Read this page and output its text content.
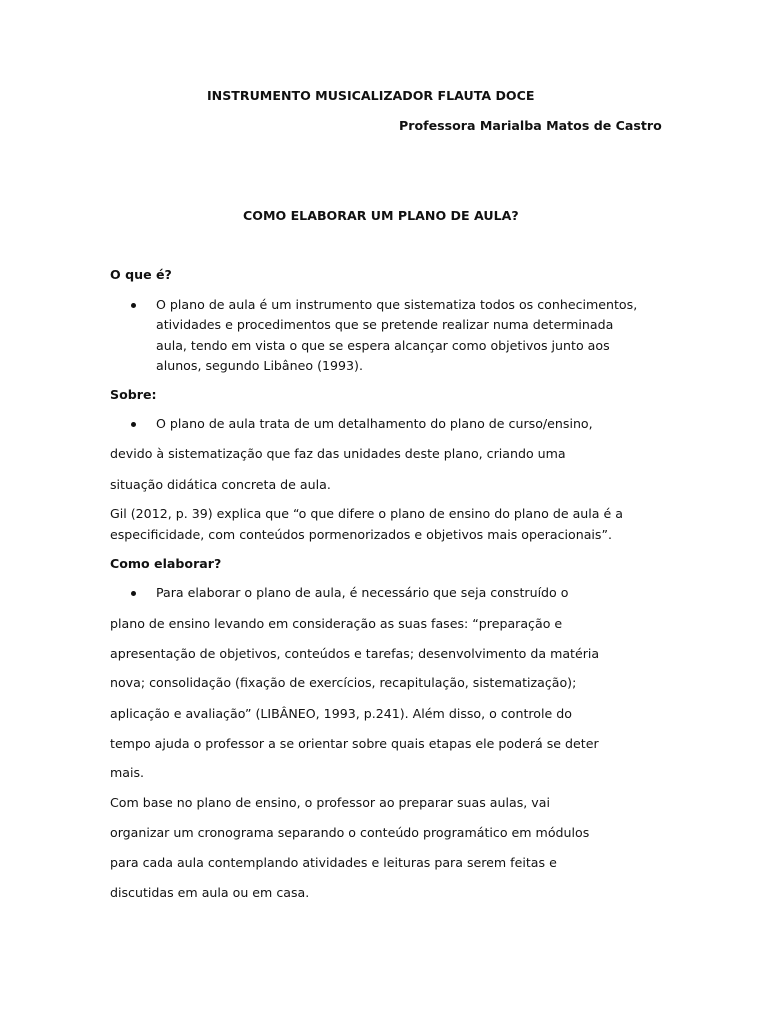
INSTRUMENTO MUSICALIZADOR FLAUTA DOCE
Professora Marialba Matos de Castro
COMO ELABORAR UM PLANO DE AULA?
O que é?
O plano de aula é um instrumento que sistematiza todos os conhecimentos,
atividades e procedimentos que se pretende realizar numa determinada
aula, tendo em vista o que se espera alcançar como objetivos junto aos
alunos, segundo Libâneo (1993).
Sobre:
O plano de aula trata de um detalhamento do plano de curso/ensino,
devido à sistematização que faz das unidades deste plano, criando uma
situação didática concreta de aula.
Gil (2012, p. 39) explica que “o que difere o plano de ensino do plano de aula é a
especificidade, com conteúdos pormenorizados e objetivos mais operacionais”.
Como elaborar?
Para elaborar o plano de aula, é necessário que seja construído o
plano de ensino levando em consideração as suas fases: “preparação e
apresentação de objetivos, conteúdos e tarefas; desenvolvimento da matéria
nova; consolidação (fixação de exercícios, recapitulação, sistematização);
aplicação e avaliação” (LIBÂNEO, 1993, p.241). Além disso, o controle do
tempo ajuda o professor a se orientar sobre quais etapas ele poderá se deter
mais.
Com base no plano de ensino, o professor ao preparar suas aulas, vai
organizar um cronograma separando o conteúdo programático em módulos
para cada aula contemplando atividades e leituras para serem feitas e
discutidas em aula ou em casa.
